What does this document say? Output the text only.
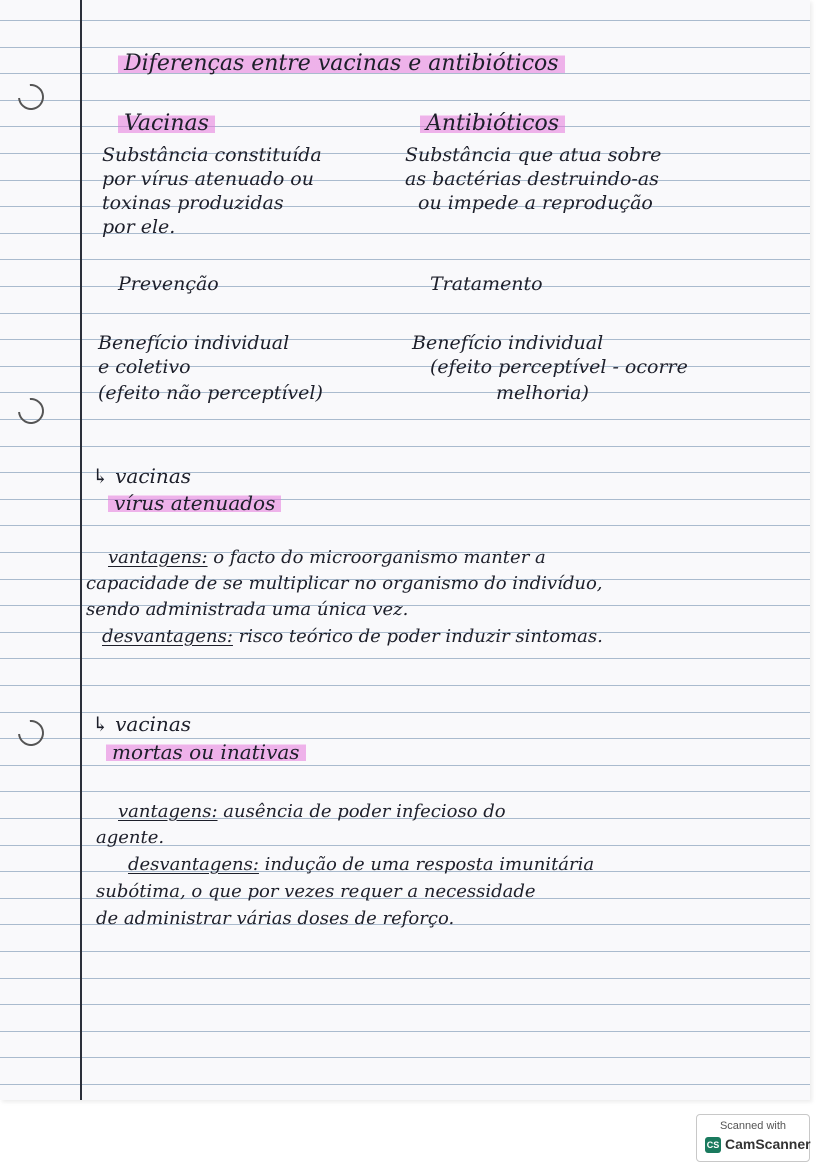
Diferenças entre vacinas e antibióticos

Vacinas	Antibióticos

Substância constituída

por vírus atenuado ou

toxinas produzidas

por ele.

Substância que atua sobre

as bactérias destruindo-as

ou impede a reprodução

Prevenção	Tratamento

Benefício individual

e coletivo

(efeito não perceptível)

Benefício individual

(efeito perceptível - ocorre

melhoria)

↳ vacinas

vírus atenuados

vantagens: o facto do microorganismo manter a

capacidade de se multiplicar no organismo do indivíduo,

sendo administrada uma única vez.

desvantagens: risco teórico de poder induzir sintomas.

↳ vacinas

mortas ou inativas

vantagens: ausência de poder infecioso do

agente.

desvantagens: indução de uma resposta imunitária

subótima, o que por vezes requer a necessidade

de administrar várias doses de reforço.

Scanned with
CS CamScanner
